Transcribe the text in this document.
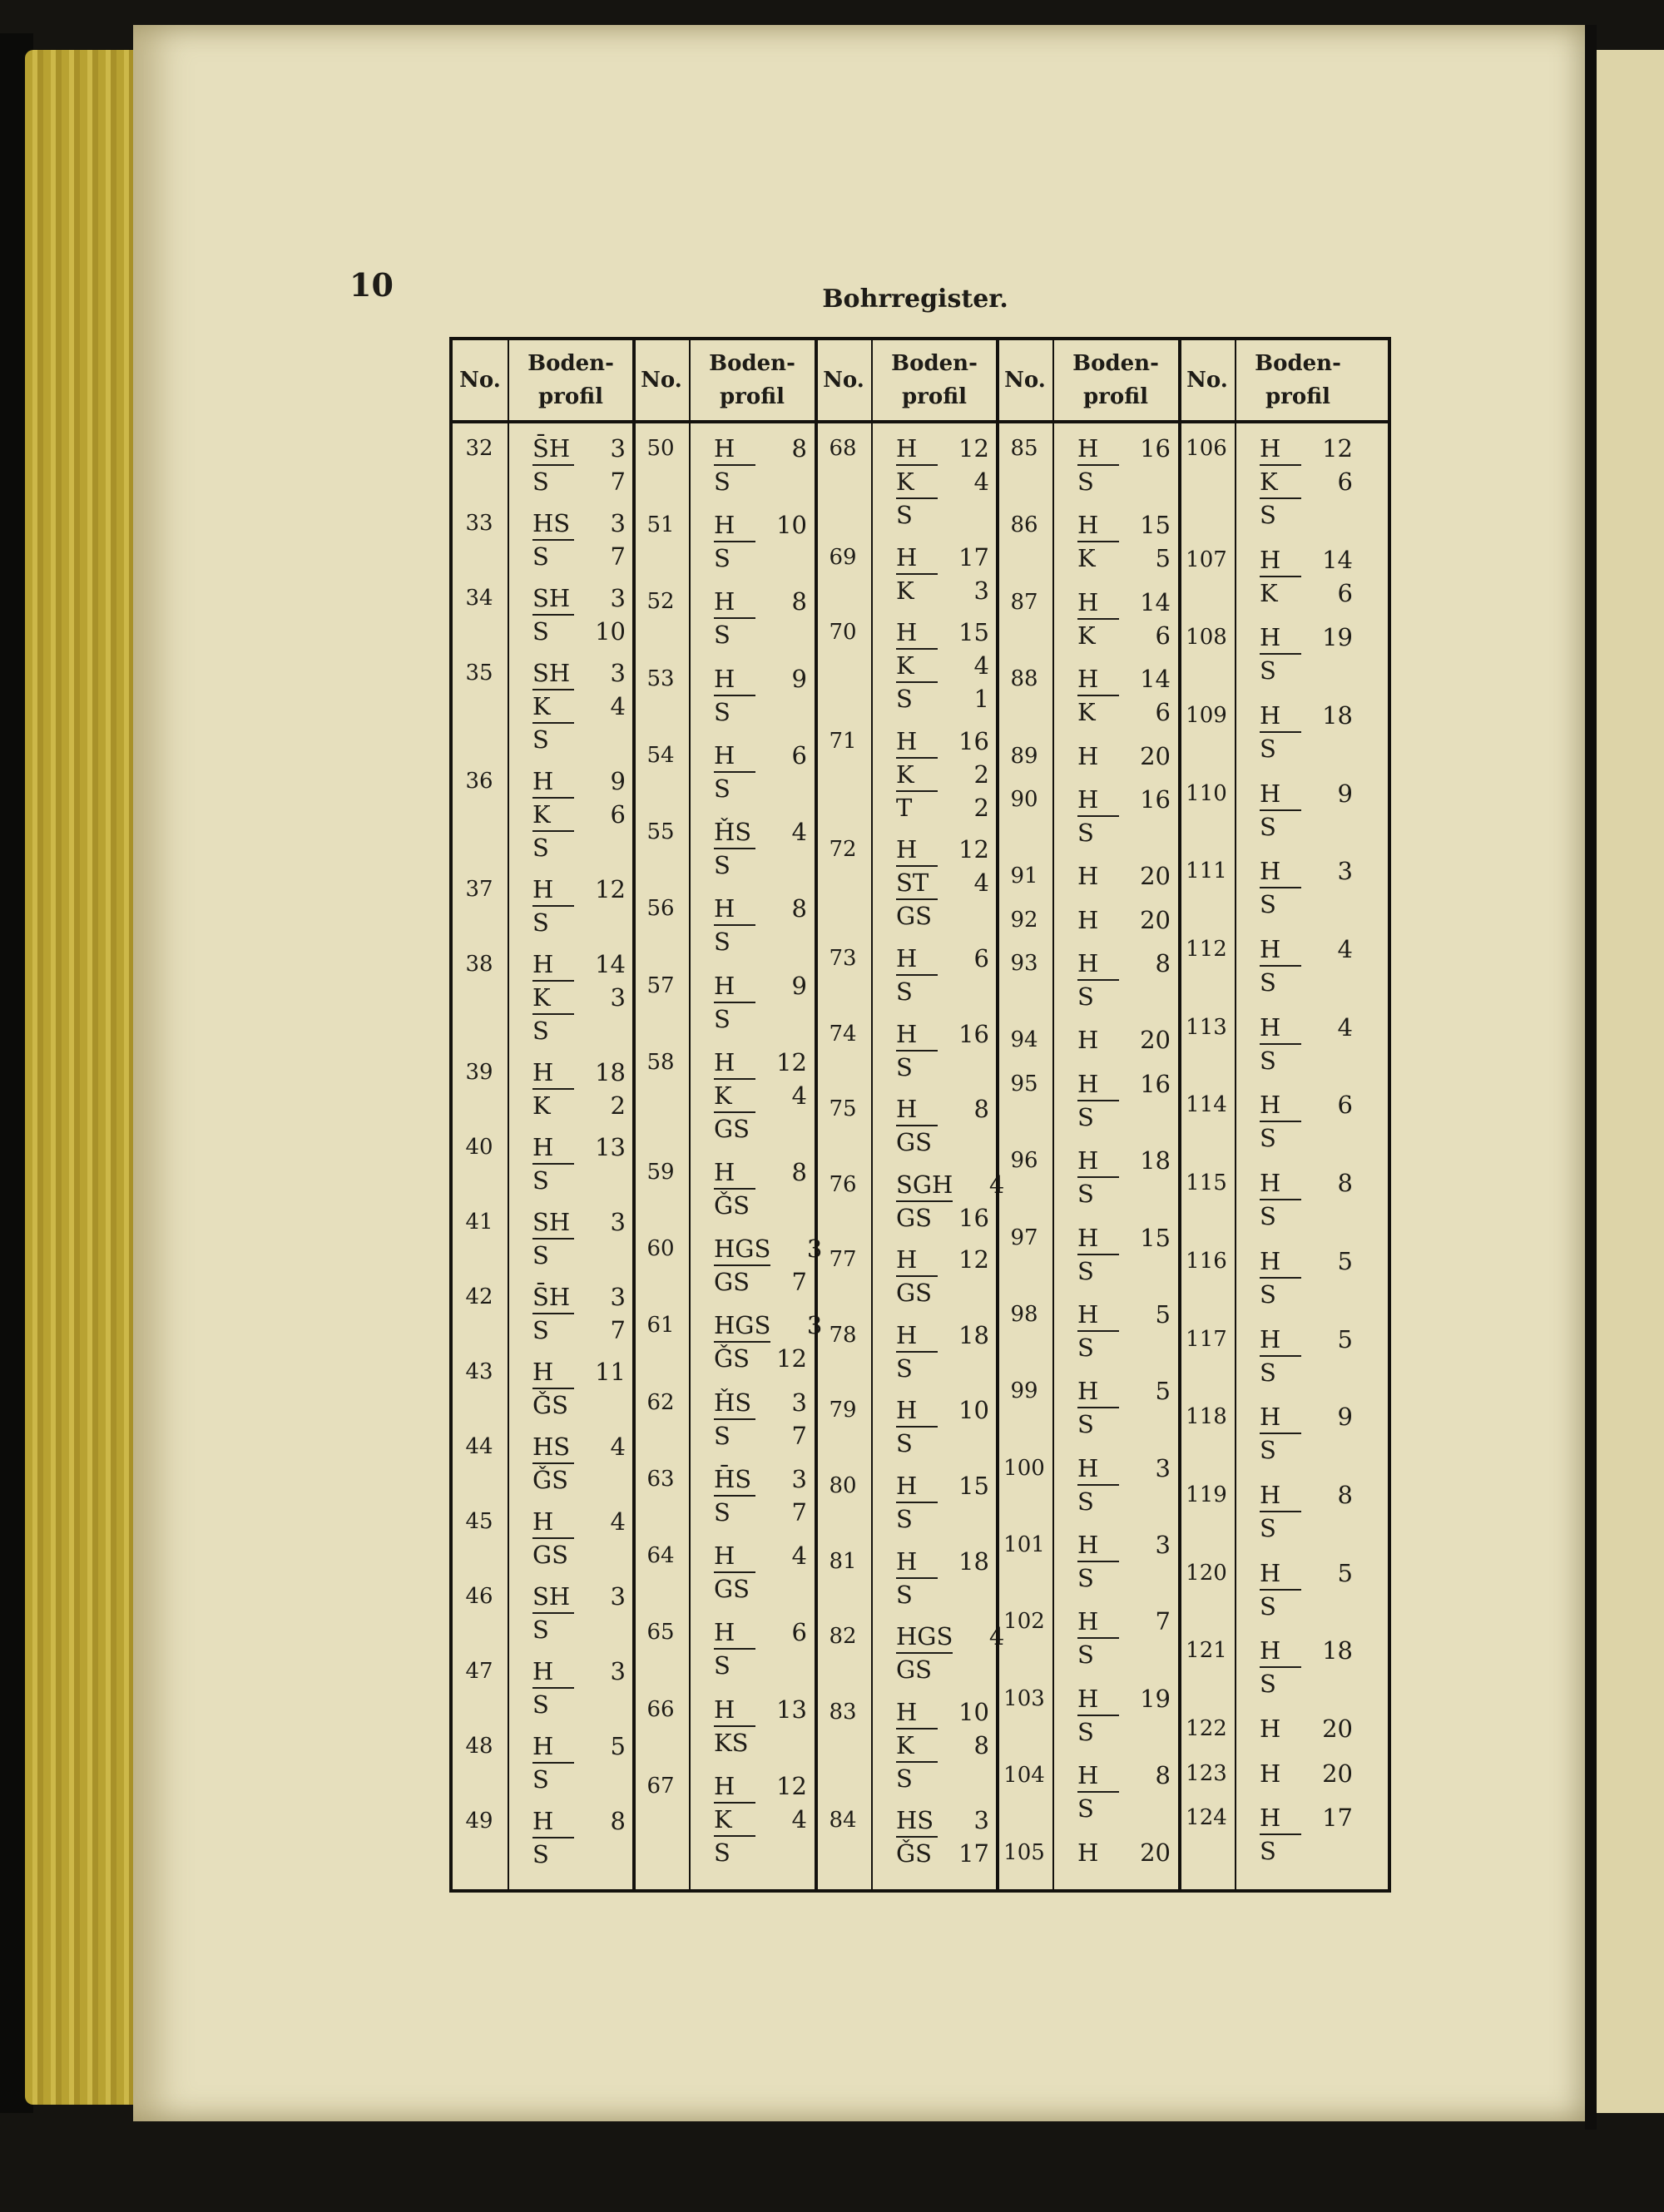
10	Bohrregister.
No.
Boden-
profil
32	S̄H 3
S	7
33	HS 3
S	7
34	SH 3
S 10
35	SH 3
K 4
S
36	H 9
K 6
S
37	H 12
S
38	H 14
K 3
S
39	H 18
K 2
40	H 13
S
41	SH 3
S
42	S̄H 3
S	7
43	H 11
ǦS
44	HS 4
ǦS
45	H 4
GS
46	SH 3
S
47	H 3
S
48	H 5
S
49	H 8
S
No.
Boden-
profil
50	H 8
S
51	H 10
S
52	H 8
S
53	H 9
S
54	H 6
S
55	ȞS 4
S
56	H 8
S
57	H 9
S
58	H 12
K 4
GS
59	H 8
ǦS
60	HGS 3
GS 7
61	HGS 3
ǦS 12
62	ȞS 3
S	7
63	H̄S 3
S	7
64	H 4
GS
65	H 6
S
66	H 13
KS
67	H 12
K 4
S
No.
Boden-
profil
68	H 12
K 4
S
69	H 17
K 3
70	H 15
K 4
S	1
71	H 16
K 2
T	2
72	H 12
ST 4
GS
73	H 6
S
74	H 16
S
75	H 8
GS
76	SGH 4
GS 16
77	H 12
GS
78	H 18
S
79	H 10
S
80	H 15
S
81	H 18
S
82	HGS 4
GS
83	H 10
K 8
S
84	HS 3
ǦS 17
No.
Boden-
profil
85	H 16
S
86	H 15
K 5
87	H 14
K 6
88	H 14
K 6
89	H 20
90	H 16
S
91	H 20
92	H 20
93	H 8
S
94	H 20
95	H 16
S
96	H 18
S
97	H 15
S
98	H 5
S
99	H 5
S
100 H 3
S
101 H 3
S
102 H 7
S
103 H 19
S
104 H 8
S
105 H 20
No.
Boden-
profil
106 H 12
K 6
S
107 H 14
K 6
108 H 19
S
109 H 18
S
110 H 9
S
111 H 3
S
112 H 4
S
113 H 4
S
114 H 6
S
115 H 8
S
116 H 5
S
117 H 5
S
118 H 9
S
119 H 8
S
120 H 5
S
121 H 18
S
122 H 20
123 H 20
124 H 17
S
